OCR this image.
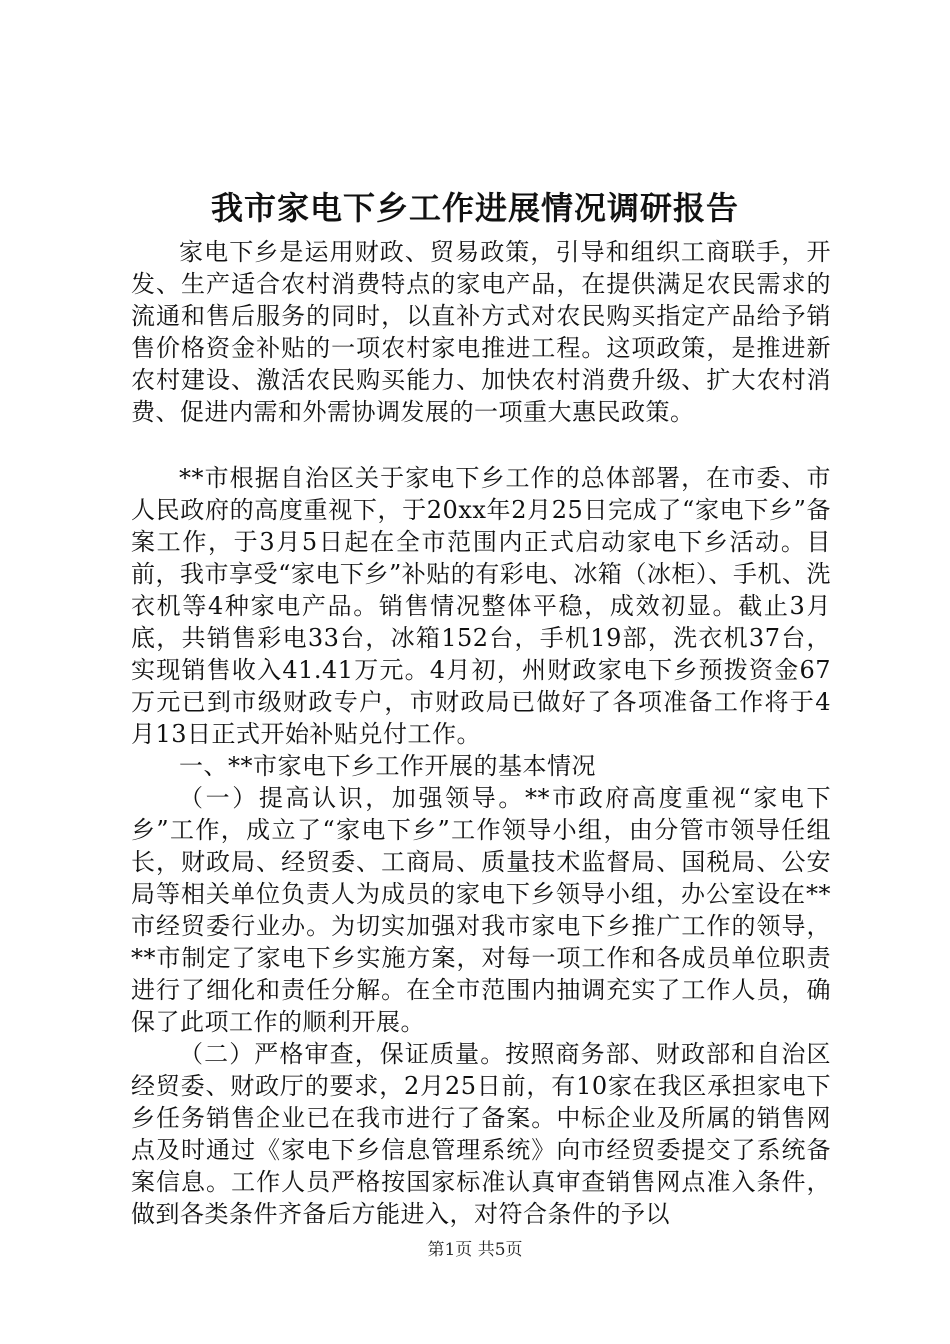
我市家电下乡工作进展情况调研报告

家电下乡是运用财政、贸易政策，引导和组织工商联手，开发、生产适合农村消费特点的家电产品，在提供满足农民需求的流通和售后服务的同时，以直补方式对农民购买指定产品给予销售价格资金补贴的一项农村家电推进工程。这项政策，是推进新农村建设、激活农民购买能力、加快农村消费升级、扩大农村消费、促进内需和外需协调发展的一项重大惠民政策。

**市根据自治区关于家电下乡工作的总体部署，在市委、市人民政府的高度重视下，于20xx年2月25日完成了“家电下乡”备案工作，于3月5日起在全市范围内正式启动家电下乡活动。目前，我市享受“家电下乡”补贴的有彩电、冰箱（冰柜）、手机、洗衣机等4种家电产品。销售情况整体平稳，成效初显。截止3月底，共销售彩电33台，冰箱152台，手机19部，洗衣机37台，实现销售收入41.41万元。4月初，州财政家电下乡预拨资金67万元已到市级财政专户，市财政局已做好了各项准备工作将于4月13日正式开始补贴兑付工作。

一、**市家电下乡工作开展的基本情况

（一）提高认识，加强领导。**市政府高度重视“家电下乡”工作，成立了“家电下乡”工作领导小组，由分管市领导任组长，财政局、经贸委、工商局、质量技术监督局、国税局、公安局等相关单位负责人为成员的家电下乡领导小组，办公室设在**市经贸委行业办。为切实加强对我市家电下乡推广工作的领导，**市制定了家电下乡实施方案，对每一项工作和各成员单位职责进行了细化和责任分解。在全市范围内抽调充实了工作人员，确保了此项工作的顺利开展。

（二）严格审查，保证质量。按照商务部、财政部和自治区经贸委、财政厅的要求，2月25日前，有10家在我区承担家电下乡任务销售企业已在我市进行了备案。中标企业及所属的销售网点及时通过《家电下乡信息管理系统》向市经贸委提交了系统备案信息。工作人员严格按国家标准认真审查销售网点准入条件，做到各类条件齐备后方能进入，对符合条件的予以

第1页 共5页
